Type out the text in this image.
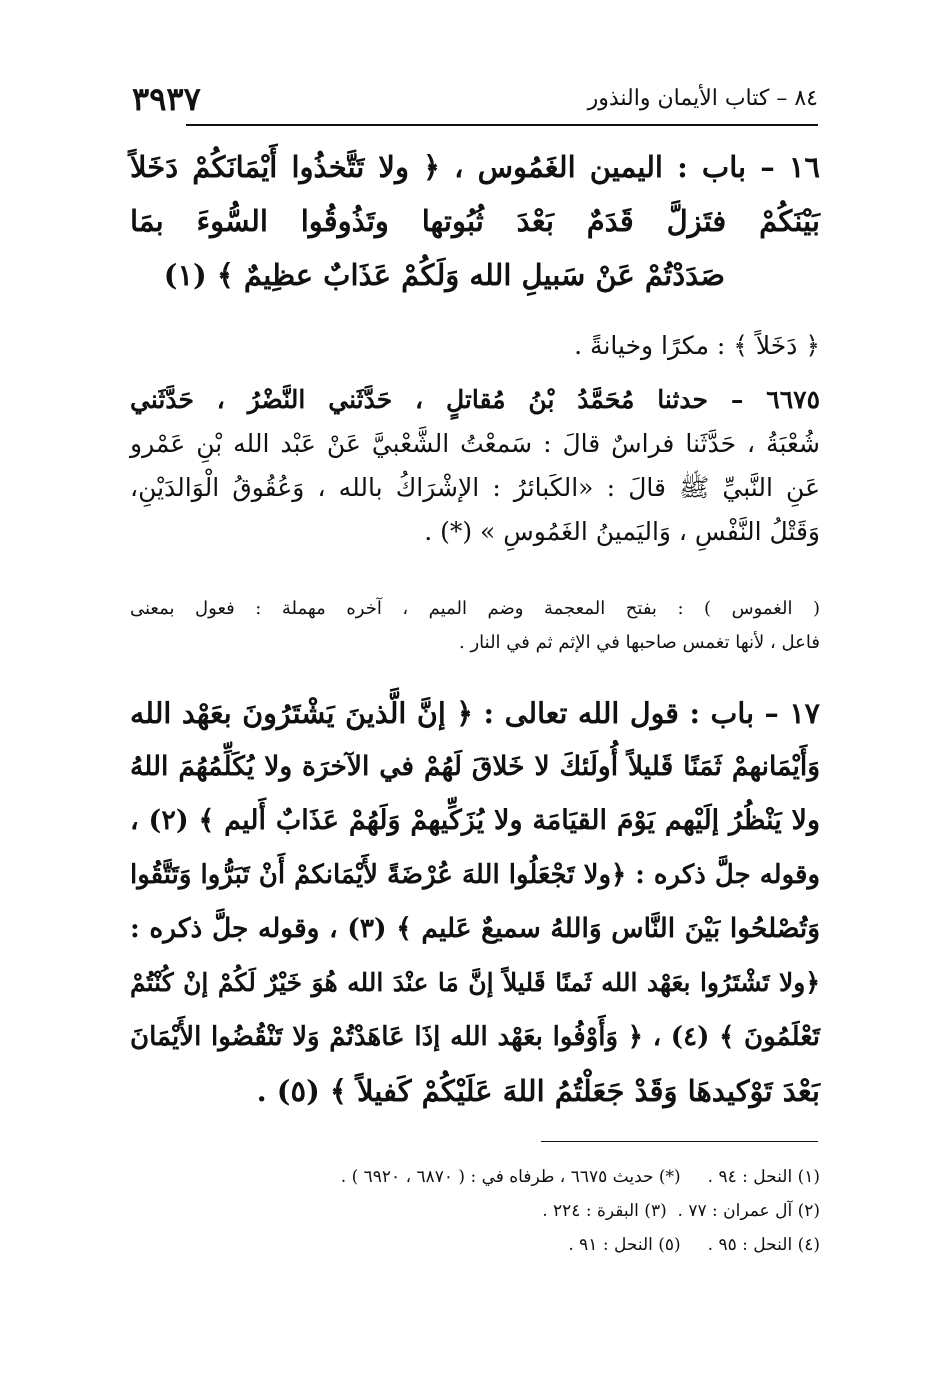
٨٤ – كتاب الأيمان والنذور
٣٩٣٧
١٦ – باب : اليمين الغَمُوس ، ﴿ ولا تَتَّخذُوا أَيْمَانَكُمْ دَخَلاً
بَيْنَكُمْ فتَزلَّ قَدَمٌ بَعْدَ ثُبُوتها وتَذُوقُوا السُّوءَ بمَا
صَدَدْتُمْ عَنْ سَبيلِ الله وَلَكُمْ عَذَابٌ عظِيمٌ ﴾ (١)
﴿ دَخَلاً ﴾ : مكرًا وخيانةً .
٦٦٧٥ – حدثنا مُحَمَّدُ بْنُ مُقاتلٍ ، حَدَّثَني النَّضْرُ ، حَدَّثَني
شُعْبَةُ ، حَدَّثَنا فراسٌ قالَ : سَمعْتُ الشَّعْبيَّ عَنْ عَبْد الله بْنِ عَمْرو
عَنِ النَّبيِّ ﷺ قالَ : «الكَبائرُ : الإشْرَاكُ بالله ، وَعُقُوقُ الْوَالدَيْنِ،
وَقَتْلُ النَّفْسِ ، وَاليَمينُ الغَمُوسِ » (*) .
( الغموس ) : بفتح المعجمة وضم الميم ، آخره مهملة : فعول بمعنى
فاعل ، لأنها تغمس صاحبها في الإثم ثم في النار .
١٧ – باب : قول الله تعالى : ﴿ إنَّ الَّذينَ يَشْتَرُونَ بعَهْد الله
وَأَيْمَانهمْ ثَمَنًا قَليلاً أُولَئكَ لا خَلاقَ لَهُمْ في الآخرَة ولا يُكَلِّمُهُمَ اللهُ
ولا يَنْظُرُ إلَيْهم يَوْمَ القيَامَة ولا يُزَكِّيهمْ وَلَهُمْ عَذَابٌ أَليم ﴾ (٢) ،
وقوله جلَّ ذكره : ﴿ولا تَجْعَلُوا اللهَ عُرْضَةً لأَيْمَانكمْ أَنْ تَبَرُّوا وَتَتَّقُوا
وَتُصْلحُوا بَيْنَ النَّاس وَاللهُ سميعٌ عَليم ﴾ (٣) ، وقوله جلَّ ذكره :
﴿ولا تَشْتَرُوا بعَهْد الله ثَمنًا قَليلاً إنَّ مَا عنْدَ الله هُوَ خَيْرٌ لَكُمْ إنْ كُنْتُمْ
تَعْلَمُونَ ﴾ (٤) ، ﴿ وَأَوْفُوا بعَهْد الله إذَا عَاهَدْتُمْ وَلا تَنْقُضُوا الأَيْمَانَ
بَعْدَ تَوْكيدهَا وَقَدْ جَعَلْتُمُ اللهَ عَلَيْكُمْ كَفيلاً ﴾ (٥) .
(١) النحل : ٩٤ .     (*) حديث ٦٦٧٥ ، طرفاه في : ( ٦٨٧٠ ، ٦٩٢٠ ) .
(٢) آل عمران : ٧٧ .  (٣) البقرة : ٢٢٤ .
(٤) النحل : ٩٥ .     (٥) النحل : ٩١ .
